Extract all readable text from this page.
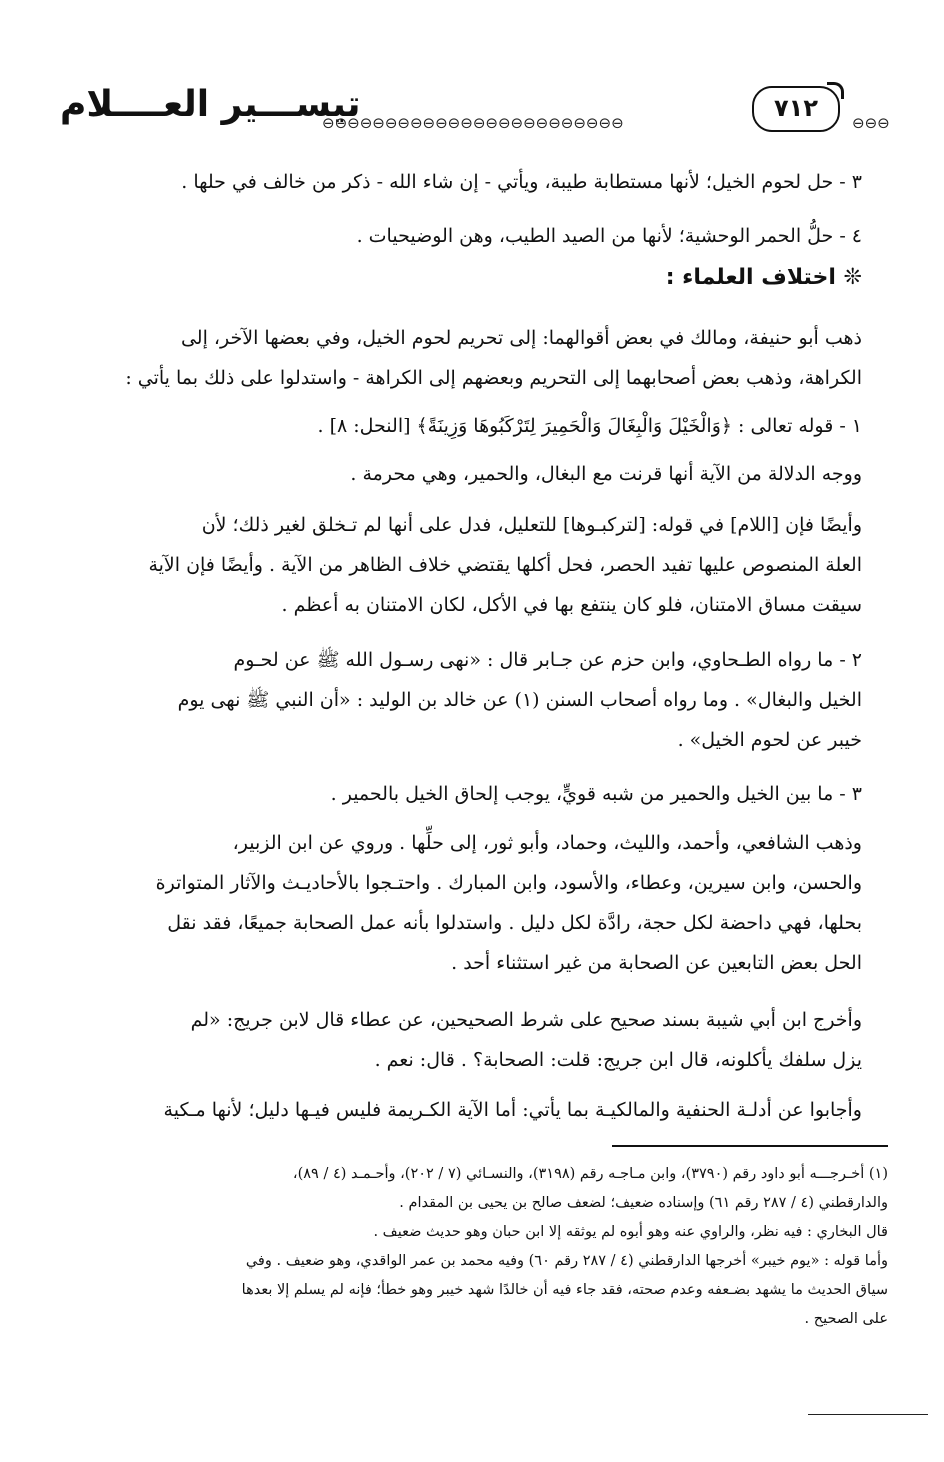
تيســـير العــــلام
⊖⊖⊖⊖⊖⊖⊖⊖⊖⊖⊖⊖⊖⊖⊖⊖⊖⊖⊖⊖⊖⊖⊖⊖
٧١٢
⊖⊖⊖
٣ - حل لحوم الخيل؛ لأنها مستطابة طيبة، ويأتي - إن شاء الله - ذكر من خالف في حلها .
٤ - حلُّ الحمر الوحشية؛ لأنها من الصيد الطيب، وهن الوضيحيات .
❊ اختلاف العلماء :
ذهب أبو حنيفة، ومالك في بعض أقوالهما: إلى تحريم لحوم الخيل، وفي بعضها الآخر، إلى
الكراهة، وذهب بعض أصحابهما إلى التحريم وبعضهم إلى الكراهة - واستدلوا على ذلك بما يأتي :
١ - قوله تعالى : ﴿وَالْخَيْلَ وَالْبِغَالَ وَالْحَمِيرَ لِتَرْكَبُوهَا وَزِينَةً﴾ [النحل: ٨] .
ووجه الدلالة من الآية أنها قرنت مع البغال، والحمير، وهي محرمة .
وأيضًا فإن [اللام] في قوله: [لتركبـوها] للتعليل، فدل على أنها لم تـخلق لغير ذلك؛ لأن
العلة المنصوص عليها تفيد الحصر، فحل أكلها يقتضي خلاف الظاهر من الآية . وأيضًا فإن الآية
سيقت مساق الامتنان، فلو كان ينتفع بها في الأكل، لكان الامتنان به أعظم .
٢ - ما رواه الطـحاوي، وابن حزم عن جـابر قال : «نهى رسـول الله ﷺ عن لحـوم
الخيل والبغال» . وما رواه أصحاب السنن (١) عن خالد بن الوليد : «أن النبي ﷺ نهى يوم
خيبر عن لحوم الخيل» .
٣ - ما بين الخيل والحمير من شبه قويٍّ، يوجب إلحاق الخيل بالحمير .
وذهب الشافعي، وأحمد، والليث، وحماد، وأبو ثور، إلى حلِّها . وروي عن ابن الزبير،
والحسن، وابن سيرين، وعطاء، والأسود، وابن المبارك . واحتـجوا بالأحاديـث والآثار المتواترة
بحلها، فهي داحضة لكل حجة، رادَّة لكل دليل . واستدلوا بأنه عمل الصحابة جميعًا، فقد نقل
الحل بعض التابعين عن الصحابة من غير استثناء أحد .
وأخرج ابن أبي شيبة بسند صحيح على شرط الصحيحين، عن عطاء قال لابن جريج: «لم
يزل سلفك يأكلونه، قال ابن جريج: قلت: الصحابة؟ . قال: نعم .
وأجابوا عن أدلـة الحنفية والمالكيـة بما يأتي: أما الآية الكـريمة فليس فيـها دليل؛ لأنها مـكية
(١) أخـرجـــه أبو داود رقم (٣٧٩٠)، وابن مـاجـه رقم (٣١٩٨)، والنسـائي (٧ / ٢٠٢)، وأحـمـد (٤ / ٨٩)،
والدارقطني (٤ / ٢٨٧ رقم ٦١) وإسناده ضعيف؛ لضعف صالح بن يحيى بن المقدام .
قال البخاري : فيه نظر، والراوي عنه وهو أبوه لم يوثقه إلا ابن حبان وهو حديث ضعيف .
وأما قوله : «يوم خيبر» أخرجها الدارقطني (٤ / ٢٨٧ رقم ٦٠) وفيه محمد بن عمر الواقدي، وهو ضعيف . وفي
سياق الحديث ما يشهد بضـعفه وعدم صحته، فقد جاء فيه أن خالدًا شهد خيبر وهو خطأ؛ فإنه لم يسلم إلا بعدها
على الصحيح .
